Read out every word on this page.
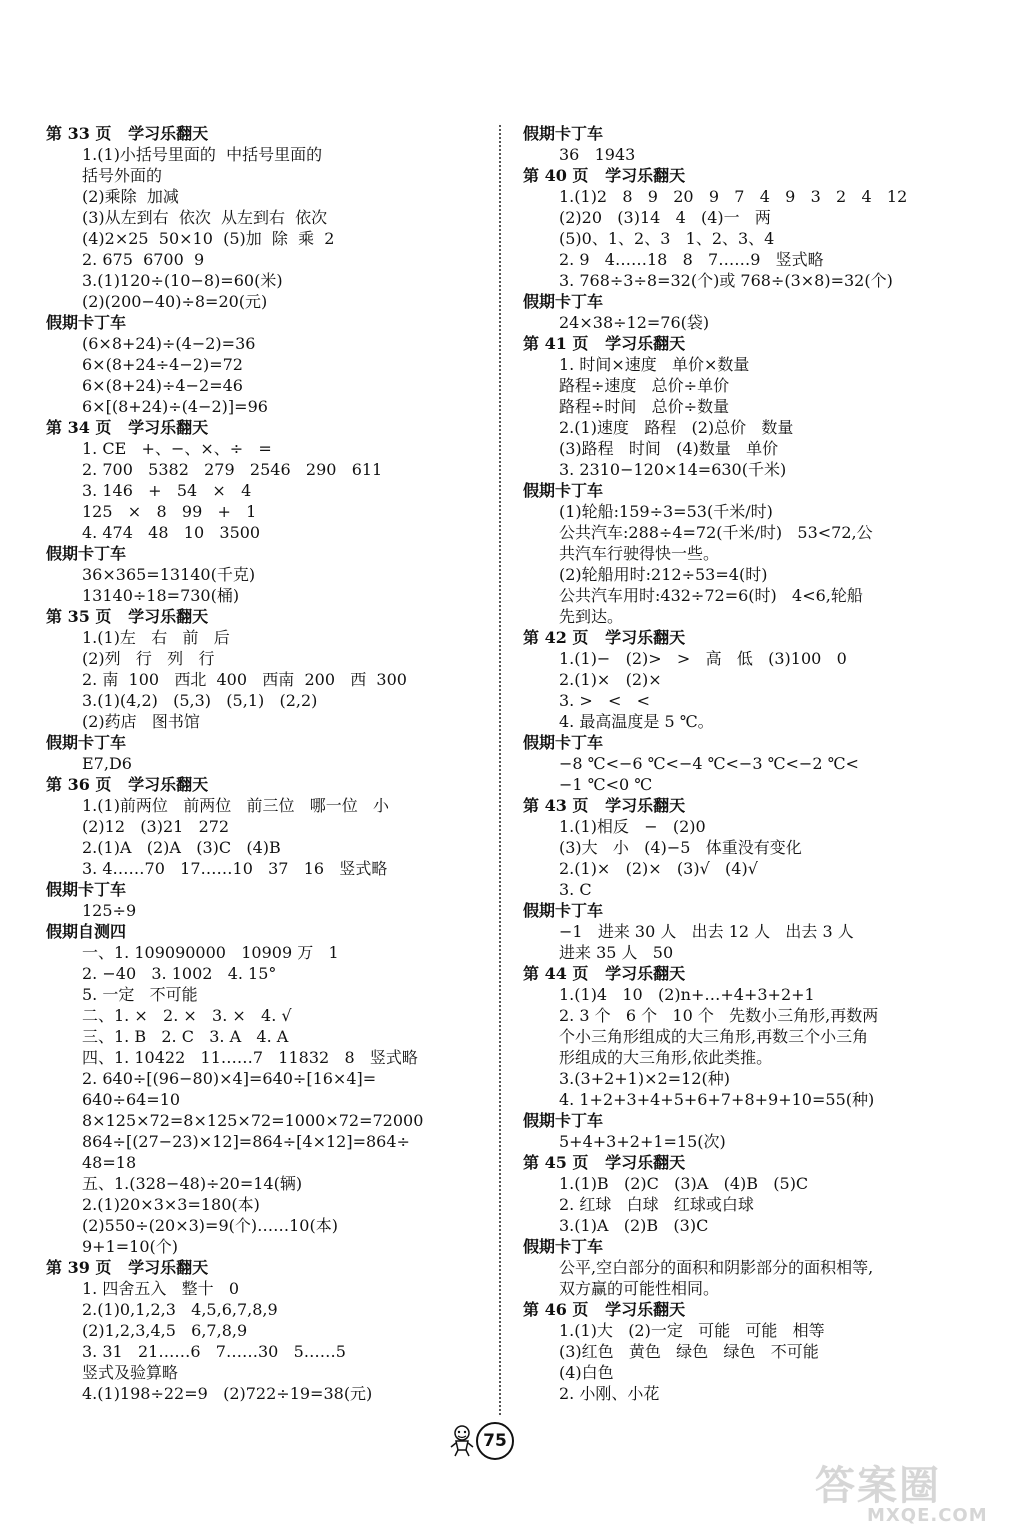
第 33 页   学习乐翻天
1.(1)小括号里面的  中括号里面的
括号外面的
(2)乘除  加减
(3)从左到右  依次  从左到右  依次
(4)2×25  50×10  (5)加  除  乘  2
2. 675  6700  9
3.(1)120÷(10−8)=60(米)
(2)(200−40)÷8=20(元)
假期卡丁车
(6×8+24)÷(4−2)=36
6×(8+24÷4−2)=72
6×(8+24)÷4−2=46
6×[(8+24)÷(4−2)]=96
第 34 页   学习乐翻天
1. CE   +、−、×、÷   =
2. 700   5382   279   2546   290   611
3. 146   +   54   ×   4
125   ×   8   99   +   1
4. 474   48   10   3500
假期卡丁车
36×365=13140(千克)
13140÷18=730(桶)
第 35 页   学习乐翻天
1.(1)左   右   前   后
(2)列   行   列   行
2. 南  100   西北  400   西南  200   西  300
3.(1)(4,2)   (5,3)   (5,1)   (2,2)
(2)药店   图书馆
假期卡丁车
E7,D6
第 36 页   学习乐翻天
1.(1)前两位   前两位   前三位   哪一位   小
(2)12   (3)21   272
2.(1)A   (2)A   (3)C   (4)B
3. 4……70   17……10   37   16   竖式略
假期卡丁车
125÷9
假期自测四
一、1. 109090000   10909 万   1
2. −40   3. 1002   4. 15°
5. 一定   不可能
二、1. ×   2. ×   3. ×   4. √
三、1. B   2. C   3. A   4. A
四、1. 10422   11……7   11832   8   竖式略
2. 640÷[(96−80)×4]=640÷[16×4]=
640÷64=10
8×125×72=8×125×72=1000×72=72000
864÷[(27−23)×12]=864÷[4×12]=864÷
48=18
五、1.(328−48)÷20=14(辆)
2.(1)20×3×3=180(本)
(2)550÷(20×3)=9(个)……10(本)
9+1=10(个)
第 39 页   学习乐翻天
1. 四舍五入   整十   0
2.(1)0,1,2,3   4,5,6,7,8,9
(2)1,2,3,4,5   6,7,8,9
3. 31   21……6   7……30   5……5
竖式及验算略
4.(1)198÷22=9   (2)722÷19=38(元)
假期卡丁车
36   1943
第 40 页   学习乐翻天
1.(1)2   8   9   20   9   7   4   9   3   2   4   12
(2)20   (3)14   4   (4)一   两
(5)0、1、2、3   1、2、3、4
2. 9   4……18   8   7……9   竖式略
3. 768÷3÷8=32(个)或 768÷(3×8)=32(个)
假期卡丁车
24×38÷12=76(袋)
第 41 页   学习乐翻天
1. 时间×速度   单价×数量
路程÷速度   总价÷单价
路程÷时间   总价÷数量
2.(1)速度   路程   (2)总价   数量
(3)路程   时间   (4)数量   单价
3. 2310−120×14=630(千米)
假期卡丁车
(1)轮船:159÷3=53(千米/时)
公共汽车:288÷4=72(千米/时)   53<72,公
共汽车行驶得快一些。
(2)轮船用时:212÷53=4(时)
公共汽车用时:432÷72=6(时)   4<6,轮船
先到达。
第 42 页   学习乐翻天
1.(1)−   (2)>   >   高   低   (3)100   0
2.(1)×   (2)×
3. >   <   <
4. 最高温度是 5 ℃。
假期卡丁车
−8 ℃<−6 ℃<−4 ℃<−3 ℃<−2 ℃<
−1 ℃<0 ℃
第 43 页   学习乐翻天
1.(1)相反   −   (2)0
(3)大   小   (4)−5   体重没有变化
2.(1)×   (2)×   (3)√   (4)√
3. C
假期卡丁车
−1   进来 30 人   出去 12 人   出去 3 人
进来 35 人   50
第 44 页   学习乐翻天
1.(1)4   10   (2)n+…+4+3+2+1
2. 3 个   6 个   10 个   先数小三角形,再数两
个小三角形组成的大三角形,再数三个小三角
形组成的大三角形,依此类推。
3.(3+2+1)×2=12(种)
4. 1+2+3+4+5+6+7+8+9+10=55(种)
假期卡丁车
5+4+3+2+1=15(次)
第 45 页   学习乐翻天
1.(1)B   (2)C   (3)A   (4)B   (5)C
2. 红球   白球   红球或白球
3.(1)A   (2)B   (3)C
假期卡丁车
公平,空白部分的面积和阴影部分的面积相等,
双方赢的可能性相同。
第 46 页   学习乐翻天
1.(1)大   (2)一定   可能   可能   相等
(3)红色   黄色   绿色   绿色   不可能
(4)白色
2. 小刚、小花
75
答案圈
MXQE.COM
